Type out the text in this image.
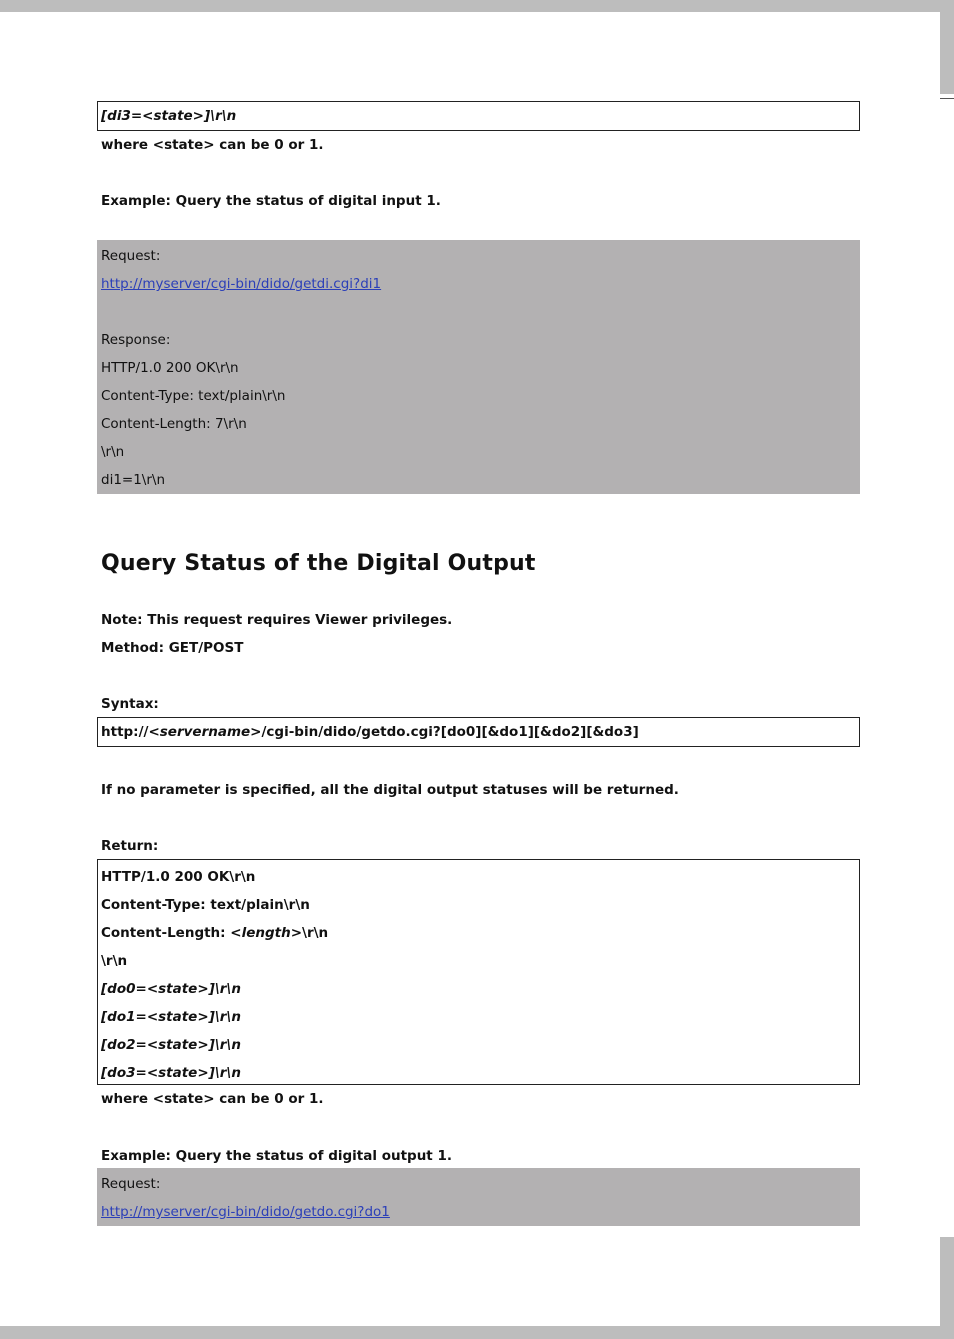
[di3=<state>]\r\n
where <state> can be 0 or 1.
Example: Query the status of digital input 1.
Request:
http://myserver/cgi-bin/dido/getdi.cgi?di1
Response:
HTTP/1.0 200 OK\r\n
Content-Type: text/plain\r\n
Content-Length: 7\r\n
\r\n
di1=1\r\n
Query Status of the Digital Output
Note: This request requires Viewer privileges.
Method: GET/POST
Syntax:
http://<servername>/cgi-bin/dido/getdo.cgi?[do0][&do1][&do2][&do3]
If no parameter is specified, all the digital output statuses will be returned.
Return:
HTTP/1.0 200 OK\r\n
Content-Type: text/plain\r\n
Content-Length: <length>\r\n
\r\n
[do0=<state>]\r\n
[do1=<state>]\r\n
[do2=<state>]\r\n
[do3=<state>]\r\n
where <state> can be 0 or 1.
Example: Query the status of digital output 1.
Request:
http://myserver/cgi-bin/dido/getdo.cgi?do1
